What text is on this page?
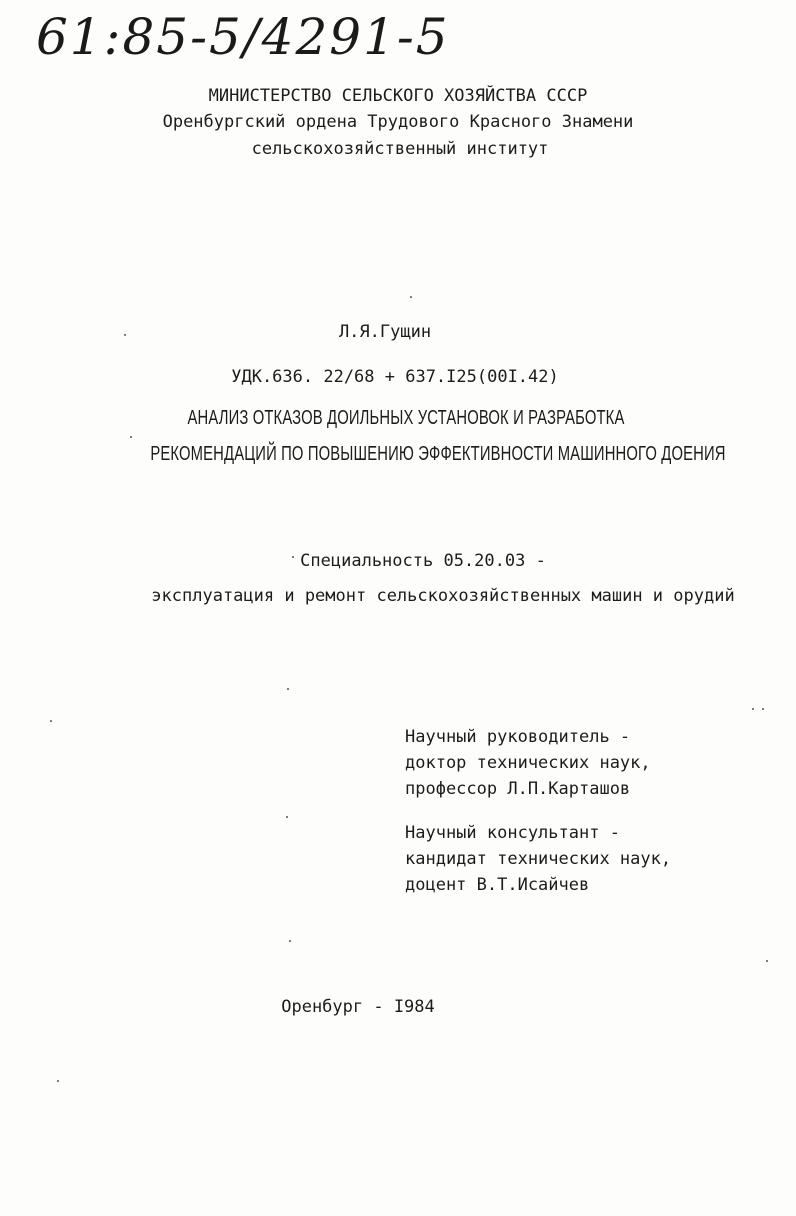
61:85-5/4291-5
МИНИСТЕРСТВО СЕЛЬСКОГО ХОЗЯЙСТВА СССР
Оренбургский ордена Трудового Красного Знамени
сельскохозяйственный институт
Л.Я.Гущин
УДК.636. 22/68 + 637.I25(00I.42)
АНАЛИЗ ОТКАЗОВ ДОИЛЬНЫХ УСТАНОВОК И РАЗРАБОТКА
РЕКОМЕНДАЦИЙ ПО ПОВЫШЕНИЮ ЭФФЕКТИВНОСТИ МАШИННОГО ДОЕНИЯ
Специальность 05.20.03 -
эксплуатация и ремонт сельскохозяйственных машин и орудий
Научный руководитель -
доктор технических наук,
профессор Л.П.Карташов
Научный консультант -
кандидат технических наук,
доцент В.Т.Исайчев
Оренбург - I984
